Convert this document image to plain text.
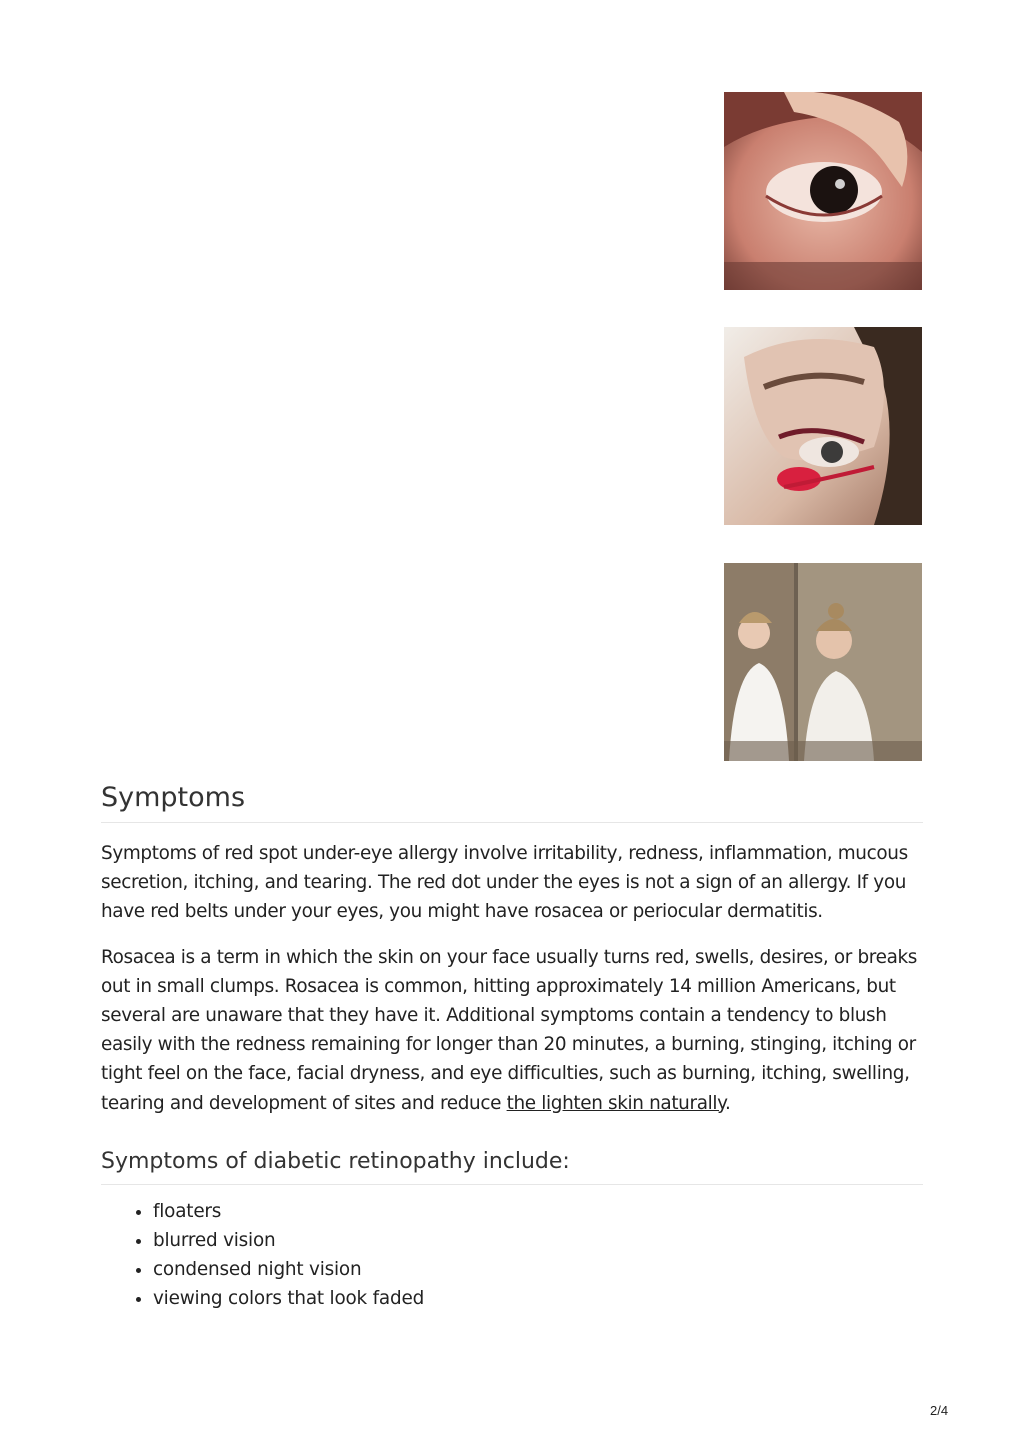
Symptoms

Symptoms of red spot under-eye allergy involve irritability, redness, inflammation, mucous secretion, itching, and tearing. The red dot under the eyes is not a sign of an allergy. If you have red belts under your eyes, you might have rosacea or periocular dermatitis.

Rosacea is a term in which the skin on your face usually turns red, swells, desires, or breaks out in small clumps. Rosacea is common, hitting approximately 14 million Americans, but several are unaware that they have it. Additional symptoms contain a tendency to blush easily with the redness remaining for longer than 20 minutes, a burning, stinging, itching or tight feel on the face, facial dryness, and eye difficulties, such as burning, itching, swelling, tearing and development of sites and reduce the lighten skin naturally.

Symptoms of diabetic retinopathy include:
• floaters
• blurred vision
• condensed night vision
• viewing colors that look faded
2/4
